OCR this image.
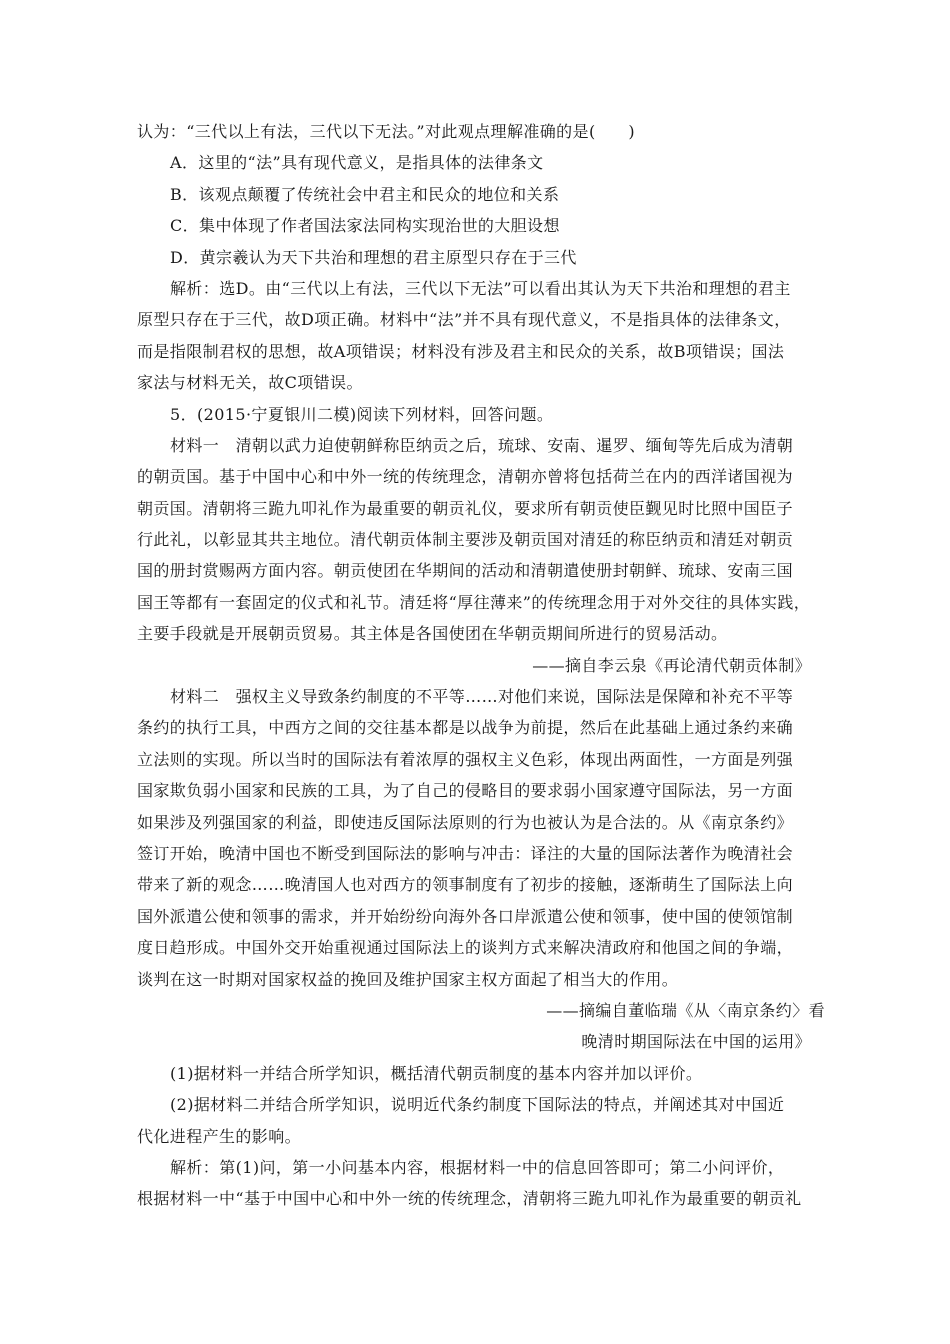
认为：“三代以上有法，三代以下无法。”对此观点理解准确的是(　　)
A．这里的“法”具有现代意义，是指具体的法律条文
B．该观点颠覆了传统社会中君主和民众的地位和关系
C．集中体现了作者国法家法同构实现治世的大胆设想
D．黄宗羲认为天下共治和理想的君主原型只存在于三代
解析：选D。由“三代以上有法，三代以下无法”可以看出其认为天下共治和理想的君主
原型只存在于三代，故D项正确。材料中“法”并不具有现代意义，不是指具体的法律条文，
而是指限制君权的思想，故A项错误；材料没有涉及君主和民众的关系，故B项错误；国法
家法与材料无关，故C项错误。
5．(2015·宁夏银川二模)阅读下列材料，回答问题。
材料一　清朝以武力迫使朝鲜称臣纳贡之后，琉球、安南、暹罗、缅甸等先后成为清朝
的朝贡国。基于中国中心和中外一统的传统理念，清朝亦曾将包括荷兰在内的西洋诸国视为
朝贡国。清朝将三跪九叩礼作为最重要的朝贡礼仪，要求所有朝贡使臣觐见时比照中国臣子
行此礼，以彰显其共主地位。清代朝贡体制主要涉及朝贡国对清廷的称臣纳贡和清廷对朝贡
国的册封赏赐两方面内容。朝贡使团在华期间的活动和清朝遣使册封朝鲜、琉球、安南三国
国王等都有一套固定的仪式和礼节。清廷将“厚往薄来”的传统理念用于对外交往的具体实践，
主要手段就是开展朝贡贸易。其主体是各国使团在华朝贡期间所进行的贸易活动。
——摘自李云泉《再论清代朝贡体制》
材料二　强权主义导致条约制度的不平等……对他们来说，国际法是保障和补充不平等
条约的执行工具，中西方之间的交往基本都是以战争为前提，然后在此基础上通过条约来确
立法则的实现。所以当时的国际法有着浓厚的强权主义色彩，体现出两面性，一方面是列强
国家欺负弱小国家和民族的工具，为了自己的侵略目的要求弱小国家遵守国际法，另一方面
如果涉及列强国家的利益，即使违反国际法原则的行为也被认为是合法的。从《南京条约》
签订开始，晚清中国也不断受到国际法的影响与冲击：译注的大量的国际法著作为晚清社会
带来了新的观念……晚清国人也对西方的领事制度有了初步的接触，逐渐萌生了国际法上向
国外派遣公使和领事的需求，并开始纷纷向海外各口岸派遣公使和领事，使中国的使领馆制
度日趋形成。中国外交开始重视通过国际法上的谈判方式来解决清政府和他国之间的争端，
谈判在这一时期对国家权益的挽回及维护国家主权方面起了相当大的作用。
——摘编自董临瑞《从〈南京条约〉看
晚清时期国际法在中国的运用》
(1)据材料一并结合所学知识，概括清代朝贡制度的基本内容并加以评价。
(2)据材料二并结合所学知识，说明近代条约制度下国际法的特点，并阐述其对中国近
代化进程产生的影响。
解析：第(1)问，第一小问基本内容，根据材料一中的信息回答即可；第二小问评价，
根据材料一中“基于中国中心和中外一统的传统理念，清朝将三跪九叩礼作为最重要的朝贡礼
